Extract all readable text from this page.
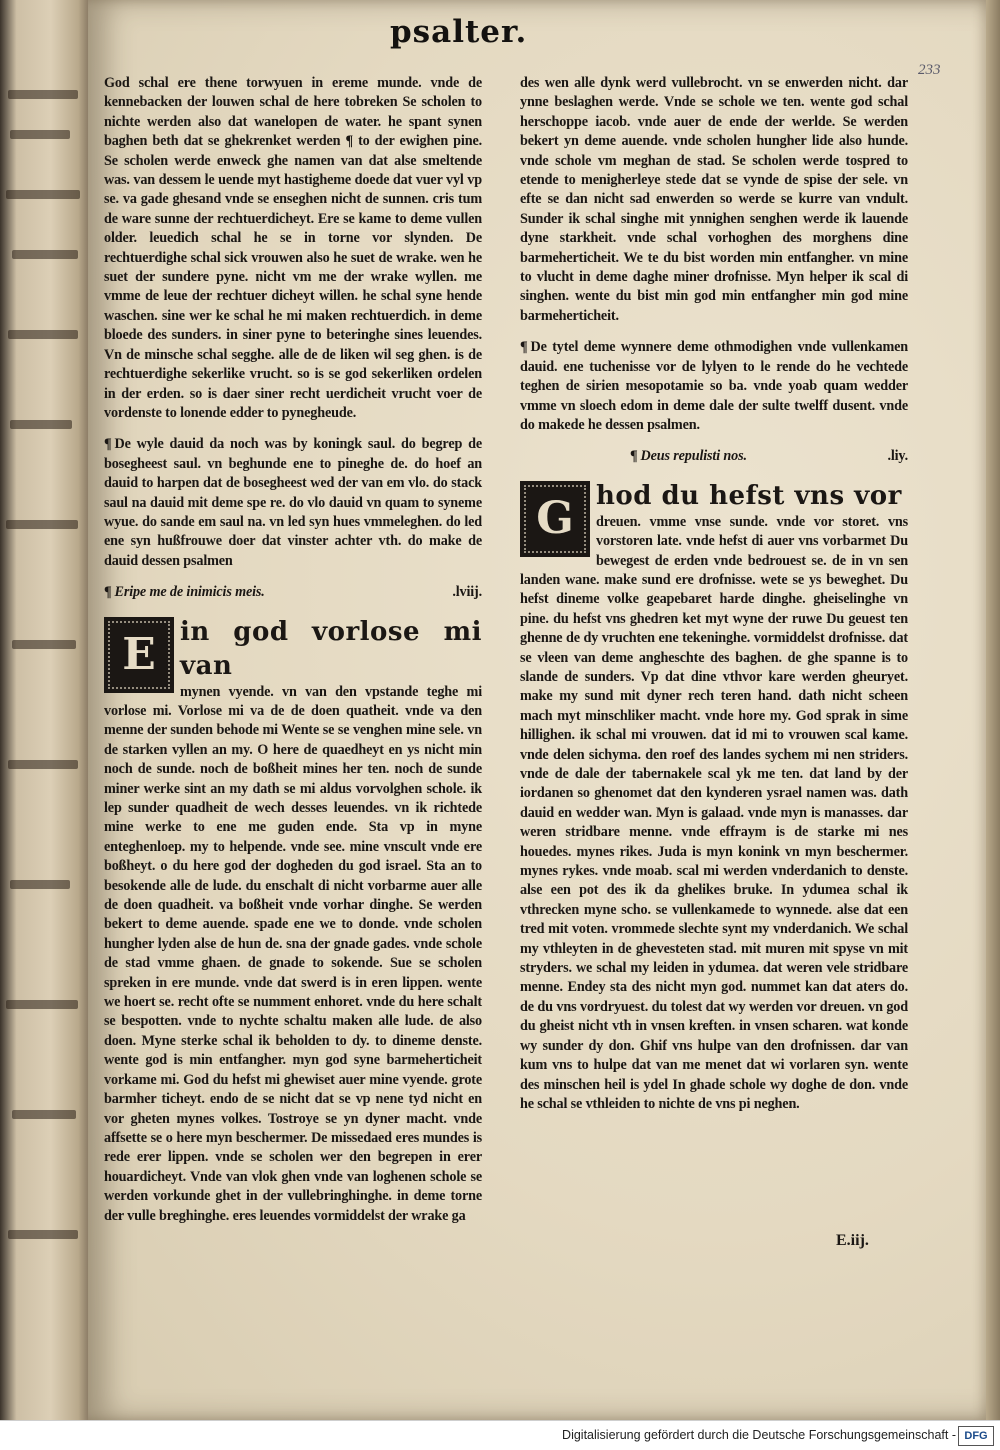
psalter.
233

God schal ere thene torwyuen in ereme munde. vnde de kennebacken der louwen schal de here tobreken Se scholen to nichte werden also dat wanelopen de water. he spant synen baghen beth dat se ghekrenket werden ¶ to der ewighen pine. Se scholen werde enweck ghe namen van dat alse smeltende was. van dessem le uende myt hastigheme doede dat vuer vyl vp se. va gade ghesand vnde se enseghen nicht de sunnen. cris tum de ware sunne der rechtuerdicheyt. Ere se kame to deme vullen older. leuedich schal he se in torne vor slynden. De rechtuerdighe schal sick vrouwen also he suet de wrake. wen he suet der sundere pyne. nicht vm me der wrake wyllen. me vmme de leue der rechtuer dicheyt willen. he schal syne hende waschen. sine wer ke schal he mi maken rechtuerdich. in deme bloede des sunders. in siner pyne to beteringhe sines leuendes. Vn de minsche schal segghe. alle de de liken wil seg ghen. is de rechtuerdighe sekerlike vrucht. so is se god sekerliken ordelen in der erden. so is daer siner recht uerdicheit vrucht voer de vordenste to lonende edder to pynegheude.

¶ De wyle dauid da noch was by koningk saul. do begrep de bosegheest saul. vn beghunde ene to pineghe de. do hoef an dauid to harpen dat de bosegheest wed der van em vlo. do stack saul na dauid mit deme spe re. do vlo dauid vn quam to syneme wyue. do sande em saul na. vn led syn hues vmmeleghen. do led ene syn hußfrouwe doer dat vinster achter vth. do make de dauid dessen psalmen

¶ Eripe me de inimicis meis.	.lviij.
E in god vorlose mi van
mynen vyende. vn van den vpstande teghe mi vorlose mi. Vorlose mi va de de doen quatheit. vnde va den menne der sunden behode mi Wente se se venghen mine sele. vn de starken vyllen an my. O here de quaedheyt en ys nicht min noch de sunde. noch de boßheit mines her ten. noch de sunde miner werke sint an my dath se mi aldus vorvolghen schole. ik lep sunder quadheit de wech desses leuendes. vn ik richtede mine werke to ene me guden ende. Sta vp in myne enteghenloep. my to helpende. vnde see. mine vnscult vnde ere boßheyt. o du here god der dogheden du god israel. Sta an to besokende alle de lude. du enschalt di nicht vorbarme auer alle de doen quadheit. va boßheit vnde vorhar dinghe. Se werden bekert to deme auende. spade ene we to donde. vnde scholen hungher lyden alse de hun de. sna der gnade gades. vnde schole de stad vmme ghaen. de gnade to sokende. Sue se scholen spreken in ere munde. vnde dat swerd is in eren lippen. wente we hoert se. recht ofte se numment enhoret. vnde du here schalt se bespotten. vnde to nychte schaltu maken alle lude. de also doen. Myne sterke schal ik beholden to dy. to dineme denste. wente god is min entfangher. myn god syne barmeherticheit vorkame mi. God du hefst mi ghewiset auer mine vyende. grote barmher ticheyt. endo de se nicht dat se vp nene tyd nicht en vor gheten mynes volkes. Tostroye se yn dyner macht. vnde affsette se o here myn beschermer. De missedaed eres mundes is rede erer lippen. vnde se scholen wer den begrepen in erer houardicheyt. Vnde van vlok ghen vnde van loghenen schole se werden vorkunde ghet in der vullebringhinghe. in deme torne der vulle breghinghe. eres leuendes vormiddelst der wrake ga

des wen alle dynk werd vullebrocht. vn se enwerden nicht. dar ynne beslaghen werde. Vnde se schole we ten. wente god schal herschoppe iacob. vnde auer de ende der werlde. Se werden bekert yn deme auende. vnde scholen hungher lide also hunde. vnde schole vm meghan de stad. Se scholen werde tospred to etende to menigherleye stede dat se vynde de spise der sele. vn efte se dan nicht sad enwerden so werde se kurre van vndult. Sunder ik schal singhe mit ynnighen senghen werde ik lauende dyne starkheit. vnde schal vorhoghen des morghens dine barmeherticheit. We te du bist worden min entfangher. vn mine to vlucht in deme daghe miner drofnisse. Myn helper ik scal di singhen. wente du bist min god min entfangher min god mine barmeherticheit.

¶ De tytel deme wynnere deme othmodighen vnde vullenkamen dauid. ene tuchenisse vor de lylyen to le rende do he vechtede teghen de sirien mesopotamie so ba. vnde yoab quam wedder vmme vn sloech edom in deme dale der sulte twelff dusent. vnde do makede he dessen psalmen.

¶ Deus repulisti nos.	.liy.
G hod du hefst vns vor
dreuen. vmme vnse sunde. vnde vor storet. vns vorstoren late. vnde hefst di auer vns vorbarmet Du bewegest de erden vnde bedrouest se. de in vn sen landen wane. make sund ere drofnisse. wete se ys beweghet. Du hefst dineme volke geapebaret harde dinghe. gheiselinghe vn pine. du hefst vns ghedren ket myt wyne der ruwe Du geuest ten ghenne de dy vruchten ene tekeninghe. vormiddelst drofnisse. dat se vleen van deme angheschte des baghen. de ghe spanne is to slande de sunders. Vp dat dine vthvor kare werden gheuryet. make my sund mit dyner rech teren hand. dath nicht scheen mach myt minschliker macht. vnde hore my. God sprak in sime hillighen. ik schal mi vrouwen. dat id mi to vrouwen scal kame. vnde delen sichyma. den roef des landes sychem mi nen striders. vnde de dale der tabernakele scal yk me ten. dat land by der iordanen so ghenomet dat den kynderen ysrael namen was. dath dauid en wedder wan. Myn is galaad. vnde myn is manasses. dar weren stridbare menne. vnde effraym is de starke mi nes houedes. mynes rikes. Juda is myn konink vn myn beschermer. mynes rykes. vnde moab. scal mi werden vnderdanich to denste. alse een pot des ik da ghelikes bruke. In ydumea schal ik vthrecken myne scho. se vullenkamede to wynnede. alse dat een tred mit voten. vrommede slechte synt my vnderdanich. We schal my vthleyten in de ghevesteten stad. mit muren mit spyse vn mit stryders. we schal my leiden in ydumea. dat weren vele stridbare menne. Endey sta des nicht myn god. nummet kan dat aters do. de du vns vordryuest. du tolest dat wy werden vor dreuen. vn god du gheist nicht vth in vnsen kreften. in vnsen scharen. wat konde wy sunder dy don. Ghif vns hulpe van den drofnissen. dar van kum vns to hulpe dat van me menet dat wi vorlaren syn. wente des minschen heil is ydel In ghade schole wy doghe de don. vnde he schal se vthleiden to nichte de vns pi neghen.
E.iij.
Digitalisierung gefördert durch die Deutsche Forschungsgemeinschaft - DFG
